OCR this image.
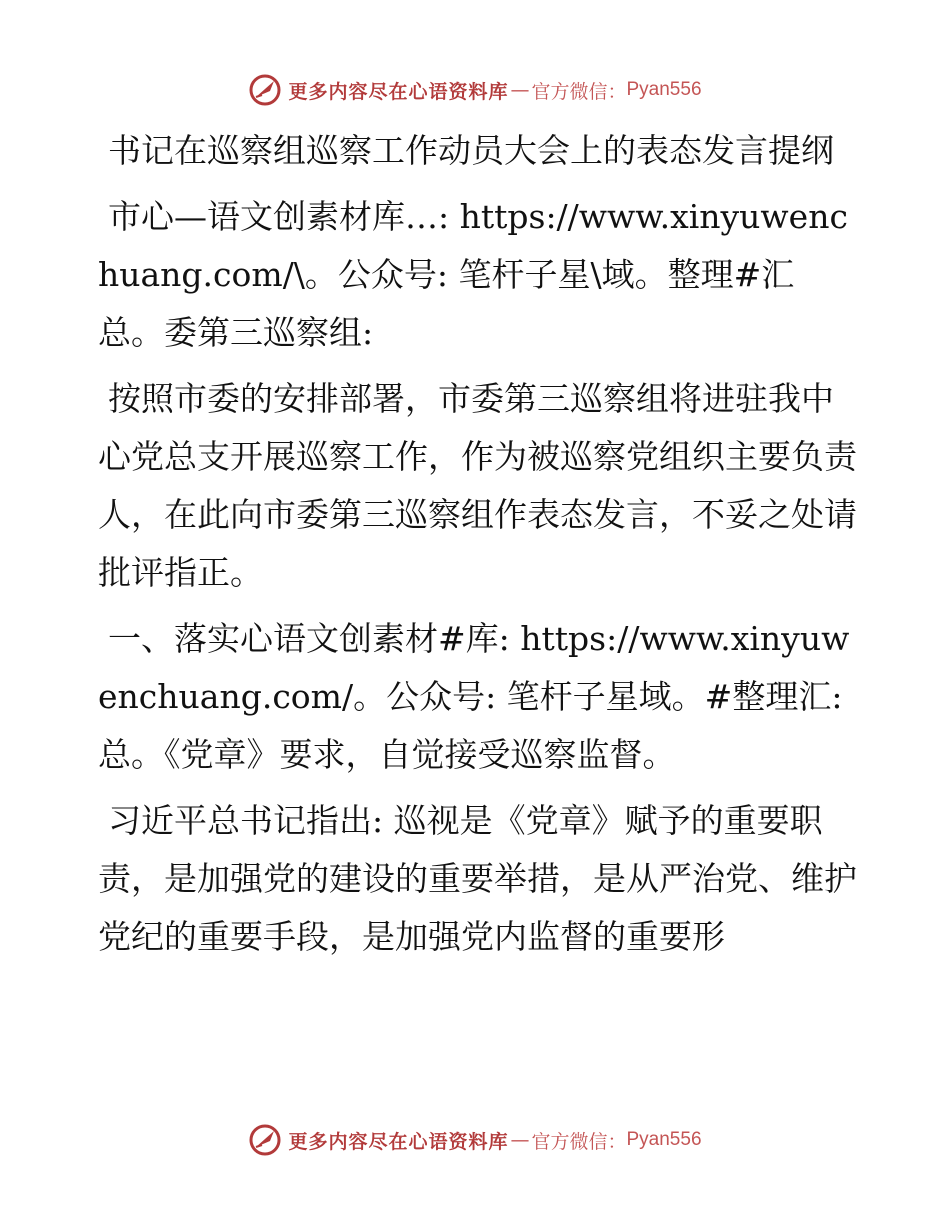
更多内容尽在心语资料库 — 官方微信： Pyan556

书记在巡察组巡察工作动员大会上的表态发言提纲

市心—语文创素材库…: https://www.xinyuwenchuang.com/\。公众号: 笔杆子星\域。整理#汇总。委第三巡察组:

按照市委的安排部署，市委第三巡察组将进驻我中心党总支开展巡察工作，作为被巡察党组织主要负责人，在此向市委第三巡察组作表态发言，不妥之处请批评指正。

一、落实心语文创素材#库: https://www.xinyuwenchuang.com/。公众号: 笔杆子星域。#整理汇:总。《党章》要求，自觉接受巡察监督。

习近平总书记指出: 巡视是《党章》赋予的重要职责，是加强党的建设的重要举措，是从严治党、维护党纪的重要手段，是加强党内监督的重要形

更多内容尽在心语资料库 — 官方微信： Pyan556
